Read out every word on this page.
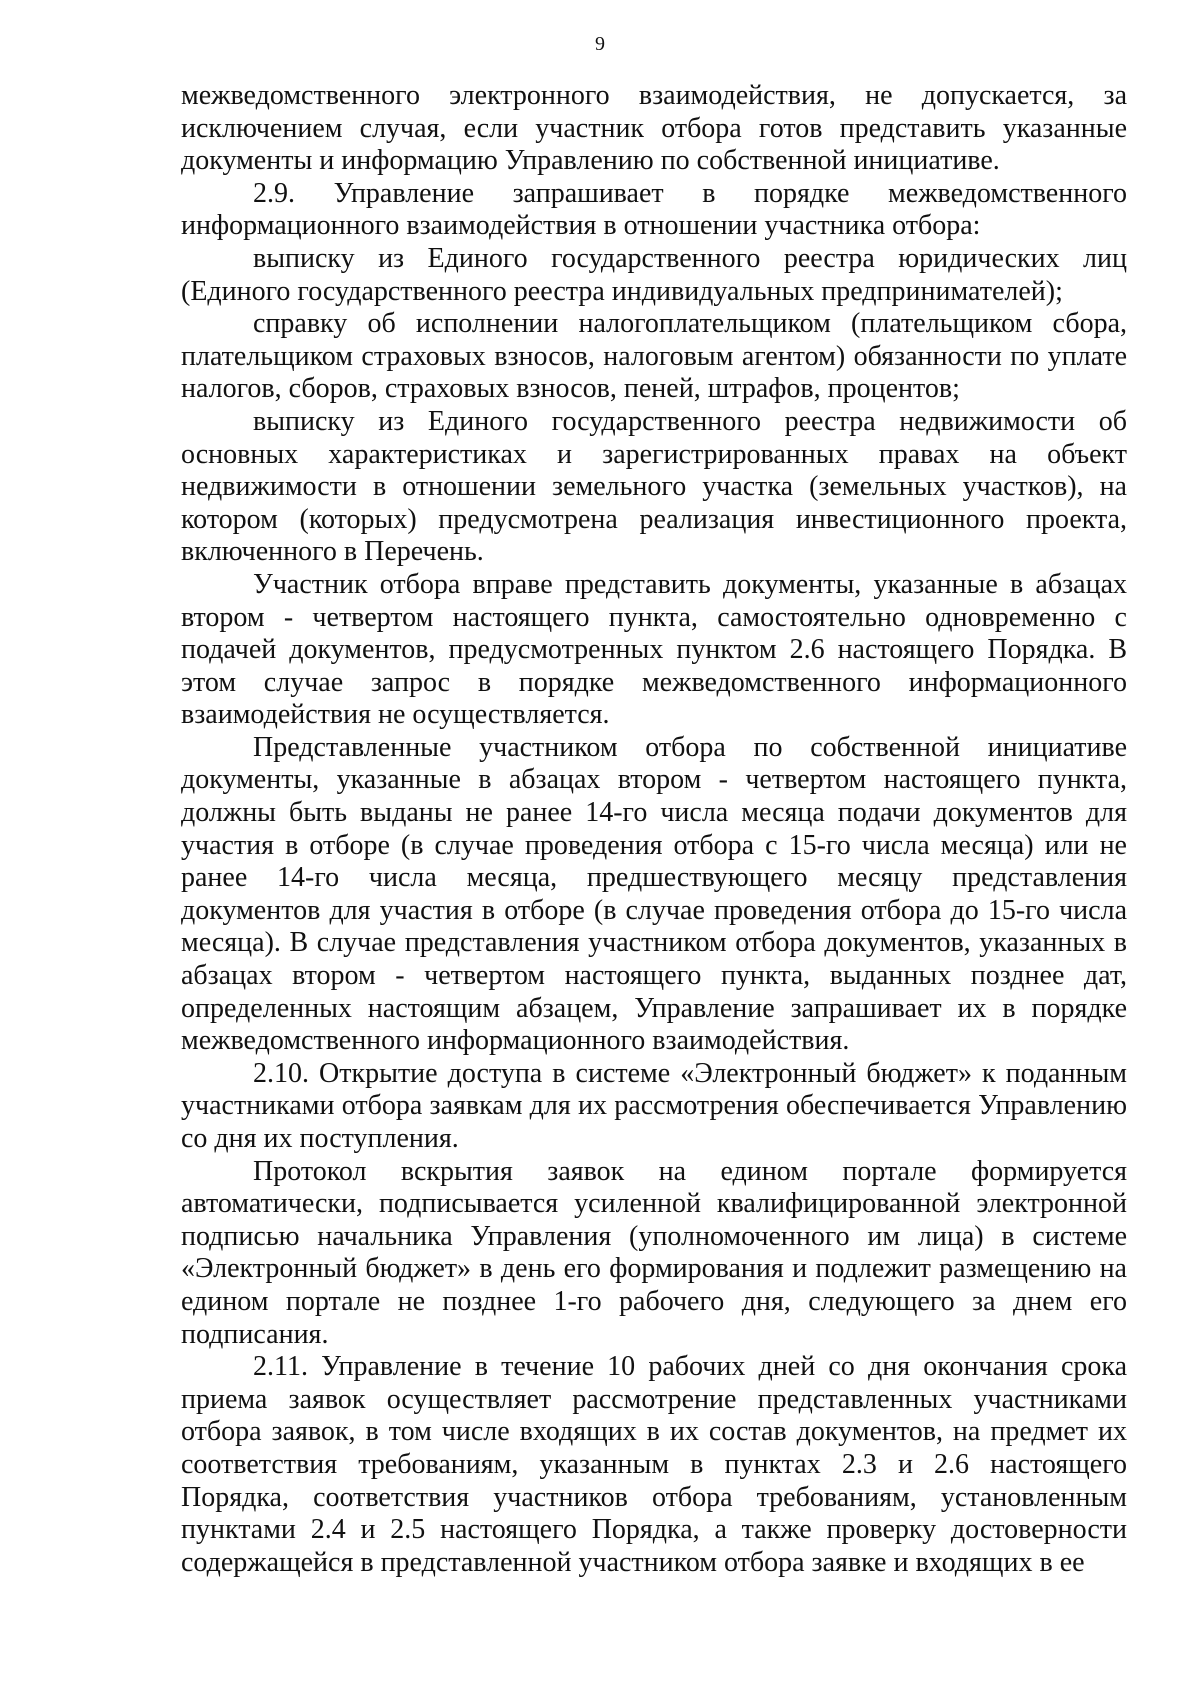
9

межведомственного электронного взаимодействия, не допускается, за исключением случая, если участник отбора готов представить указанные документы и информацию Управлению по собственной инициативе.

2.9. Управление запрашивает в порядке межведомственного информационного взаимодействия в отношении участника отбора:

выписку из Единого государственного реестра юридических лиц (Единого государственного реестра индивидуальных предпринимателей);

справку об исполнении налогоплательщиком (плательщиком сбора, плательщиком страховых взносов, налоговым агентом) обязанности по уплате налогов, сборов, страховых взносов, пеней, штрафов, процентов;

выписку из Единого государственного реестра недвижимости об основных характеристиках и зарегистрированных правах на объект недвижимости в отношении земельного участка (земельных участков), на котором (которых) предусмотрена реализация инвестиционного проекта, включенного в Перечень.

Участник отбора вправе представить документы, указанные в абзацах втором - четвертом настоящего пункта, самостоятельно одновременно с подачей документов, предусмотренных пунктом 2.6 настоящего Порядка. В этом случае запрос в порядке межведомственного информационного взаимодействия не осуществляется.

Представленные участником отбора по собственной инициативе документы, указанные в абзацах втором - четвертом настоящего пункта, должны быть выданы не ранее 14-го числа месяца подачи документов для участия в отборе (в случае проведения отбора с 15-го числа месяца) или не ранее 14-го числа месяца, предшествующего месяцу представления документов для участия в отборе (в случае проведения отбора до 15-го числа месяца). В случае представления участником отбора документов, указанных в абзацах втором - четвертом настоящего пункта, выданных позднее дат, определенных настоящим абзацем, Управление запрашивает их в порядке межведомственного информационного взаимодействия.

2.10. Открытие доступа в системе «Электронный бюджет» к поданным участниками отбора заявкам для их рассмотрения обеспечивается Управлению со дня их поступления.

Протокол вскрытия заявок на едином портале формируется автоматически, подписывается усиленной квалифицированной электронной подписью начальника Управления (уполномоченного им лица) в системе «Электронный бюджет» в день его формирования и подлежит размещению на едином портале не позднее 1-го рабочего дня, следующего за днем его подписания.

2.11. Управление в течение 10 рабочих дней со дня окончания срока приема заявок осуществляет рассмотрение представленных участниками отбора заявок, в том числе входящих в их состав документов, на предмет их соответствия требованиям, указанным в пунктах 2.3 и 2.6 настоящего Порядка, соответствия участников отбора требованиям, установленным пунктами 2.4 и 2.5 настоящего Порядка, а также проверку достоверности содержащейся в представленной участником отбора заявке и входящих в ее
